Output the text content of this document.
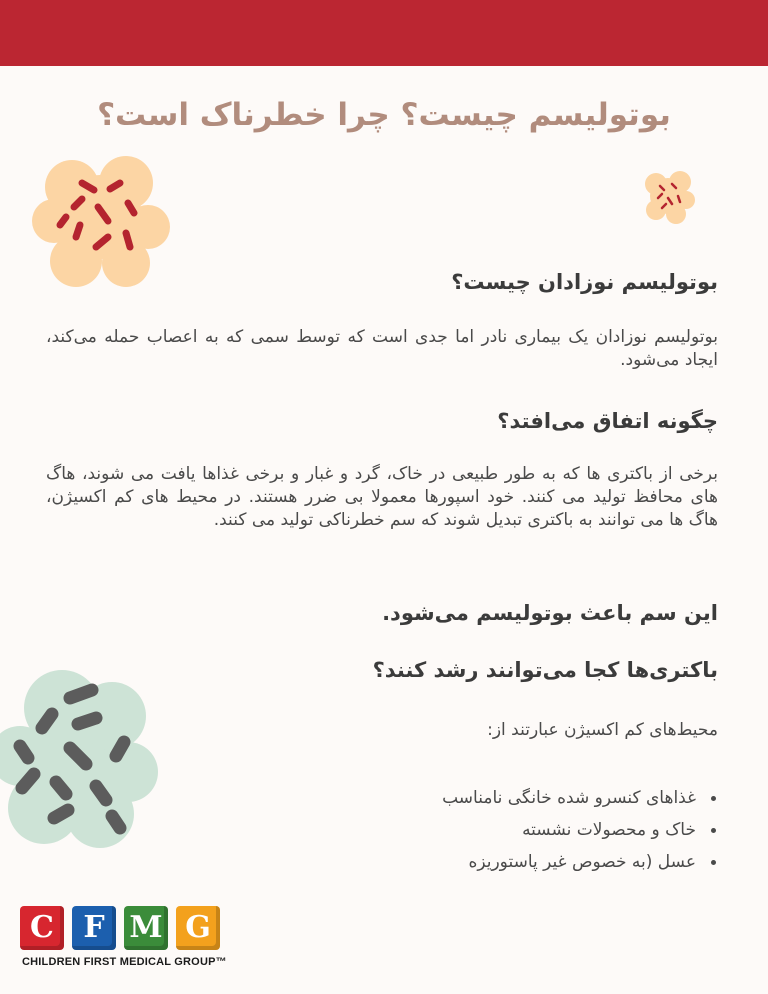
بوتولیسم چیست؟ چرا خطرناک است؟
بوتولیسم نوزادان چیست؟

بوتولیسم نوزادان یک بیماری نادر اما جدی است که توسط سمی که به اعصاب حمله می‌کند، ایجاد می‌شود.

چگونه اتفاق می‌افتد؟

برخی از باکتری ها که به طور طبیعی در خاک، گرد و غبار و برخی غذاها یافت می شوند، هاگ های محافظ تولید می کنند. خود اسپورها معمولا بی ضرر هستند. در محیط های کم اکسیژن، هاگ ها می توانند به باکتری تبدیل شوند که سم خطرناکی تولید می کنند.

این سم باعث بوتولیسم می‌شود.
باکتری‌ها کجا می‌توانند رشد کنند؟

محیط‌های کم اکسیژن عبارتند از:

غذاهای کنسرو شده خانگی نامناسب
خاک و محصولات نشسته
عسل (به خصوص غیر پاستوریزه
C F M G
CHILDREN FIRST MEDICAL GROUP™
